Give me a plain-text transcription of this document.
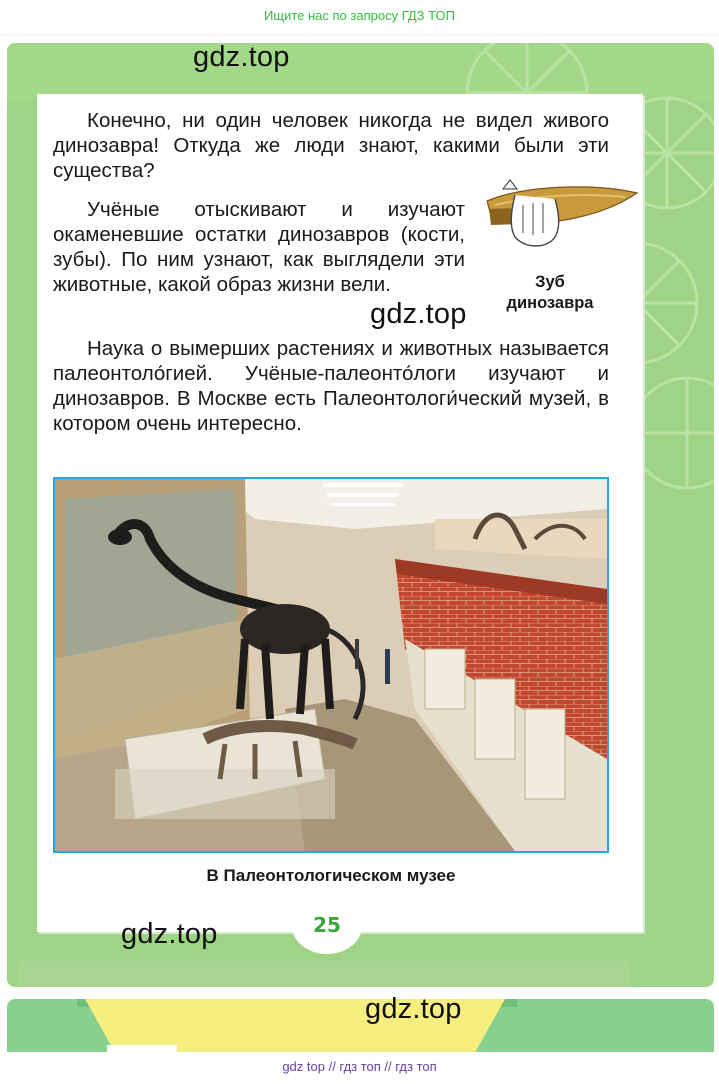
Ищите нас по запросу ГДЗ ТОП

Конечно, ни один человек никогда не видел живого динозавра! Откуда же люди знают, какими были эти существа?

Учёные отыскивают и изучают окаменевшие остатки динозавров (кости, зубы). По ним узнают, как выглядели эти животные, какой образ жизни вели.

Наука о вымерших растениях и животных называется палеонтоло́гией. Учёные-палеонто́логи изучают и динозавров. В Москве есть Палеонтологи́ческий музей, в котором очень интересно.

Зуб
динозавра
В Палеонтологическом музее
25
gdz.top
gdz.top
gdz.top
gdz.top
gdz top // гдз топ // гдз топ
